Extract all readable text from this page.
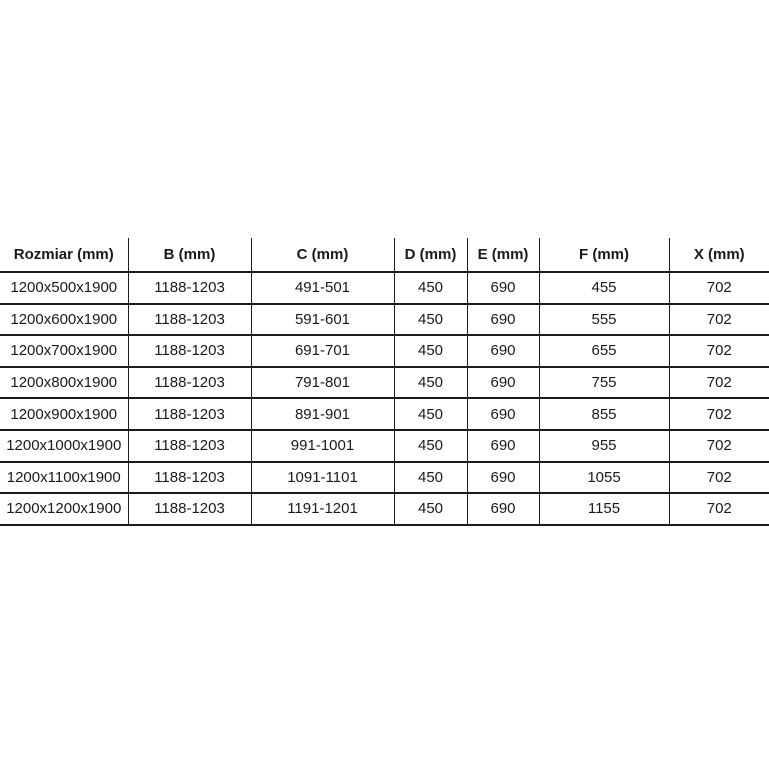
Rozmiar (mm)	B (mm)	C (mm)	D (mm)	E (mm)	F (mm)	X (mm)
1200x500x1900	1188-1203	491-501	450	690	455	702
1200x600x1900	1188-1203	591-601	450	690	555	702
1200x700x1900	1188-1203	691-701	450	690	655	702
1200x800x1900	1188-1203	791-801	450	690	755	702
1200x900x1900	1188-1203	891-901	450	690	855	702
1200x1000x1900	1188-1203	991-1001	450	690	955	702
1200x1100x1900	1188-1203	1091-1101	450	690	1055	702
1200x1200x1900	1188-1203	1191-1201	450	690	1155	702
